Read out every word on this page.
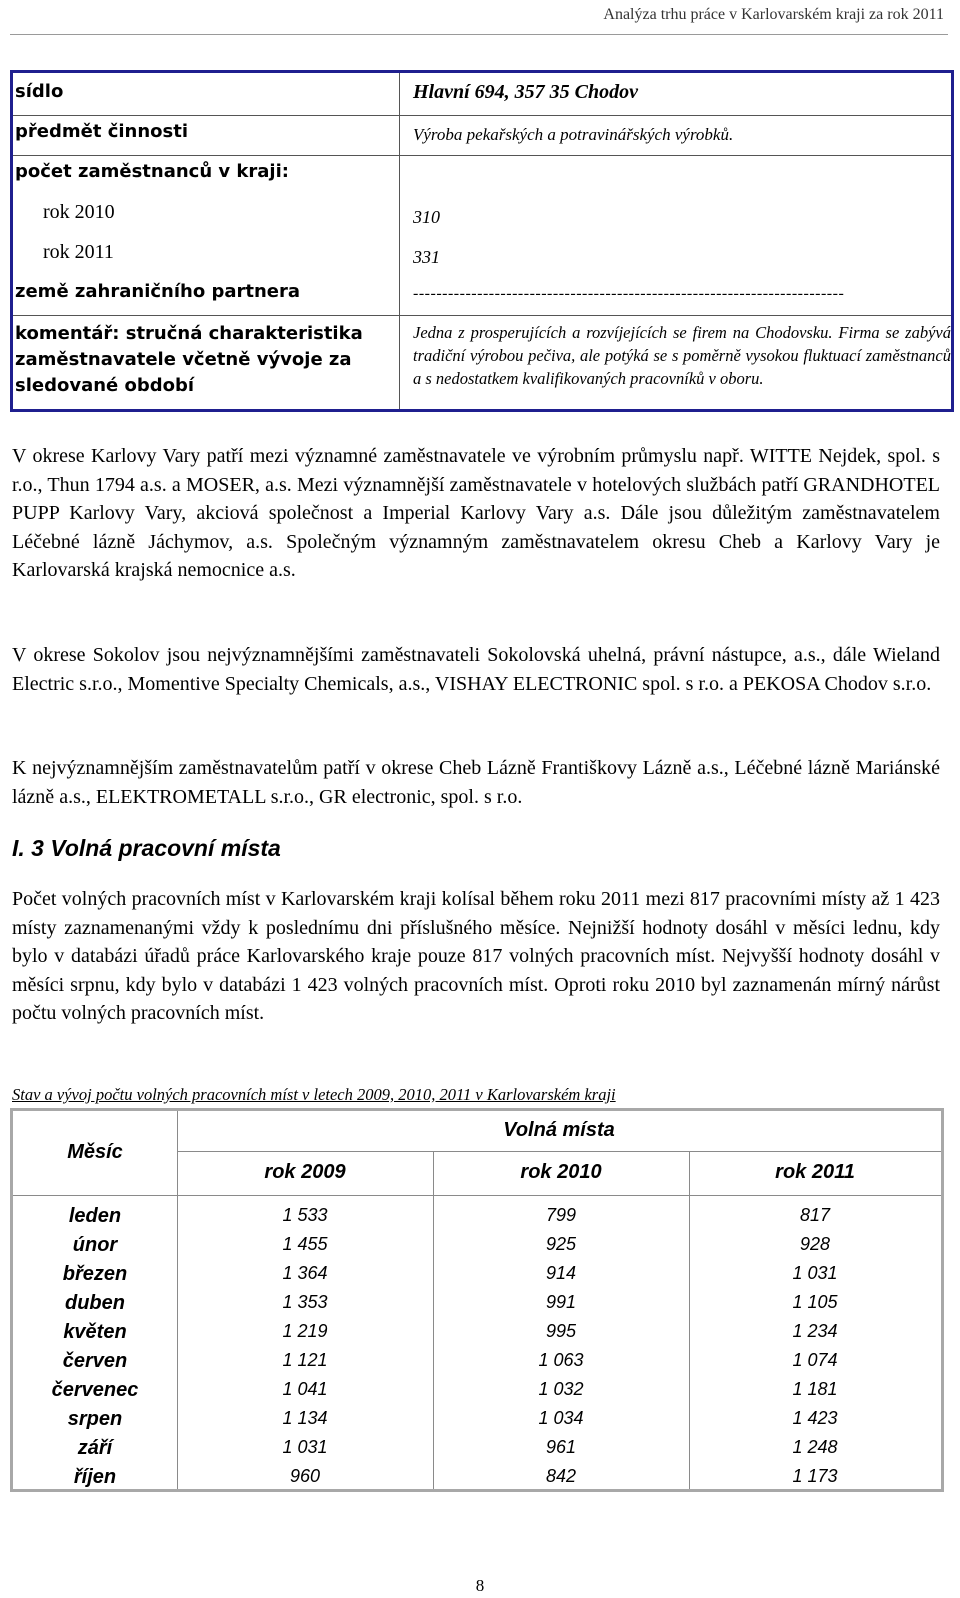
Analýza trhu práce v Karlovarském kraji za rok 2011
sídlo	Hlavní 694, 357 35 Chodov
předmět činnosti	Výroba pekařských a potravinářských výrobků.
počet zaměstnanců v kraji:
rok 2010	310
rok 2011	331
země zahraničního partnera	--------------------------------------------------------------------------
komentář: stručná charakteristika zaměstnavatele včetně vývoje za sledované období
Jedna z prosperujících a rozvíjejících se firem na Chodovsku. Firma se zabývá tradiční výrobou pečiva, ale potýká se s poměrně vysokou fluktuací zaměstnanců a s nedostatkem kvalifikovaných pracovníků v oboru.

V okrese Karlovy Vary patří mezi významné zaměstnavatele ve výrobním průmyslu např. WITTE Nejdek, spol. s r.o., Thun 1794 a.s. a MOSER, a.s. Mezi významnější zaměstnavatele v hotelových službách patří GRANDHOTEL PUPP Karlovy Vary, akciová společnost a Imperial Karlovy Vary a.s. Dále jsou důležitým zaměstnavatelem Léčebné lázně Jáchymov, a.s. Společným významným zaměstnavatelem okresu Cheb a Karlovy Vary je Karlovarská krajská nemocnice a.s.

V okrese Sokolov jsou nejvýznamnějšími zaměstnavateli Sokolovská uhelná, právní nástupce, a.s., dále Wieland Electric s.r.o., Momentive Specialty Chemicals, a.s., VISHAY ELECTRONIC spol. s r.o. a PEKOSA Chodov s.r.o.

K nejvýznamnějším zaměstnavatelům patří v okrese Cheb Lázně Františkovy Lázně a.s., Léčebné lázně Mariánské lázně a.s., ELEKTROMETALL s.r.o., GR electronic, spol. s r.o.

I. 3 Volná pracovní místa

Počet volných pracovních míst v Karlovarském kraji kolísal během roku 2011 mezi 817 pracovními místy až 1 423 místy zaznamenanými vždy k poslednímu dni příslušného měsíce. Nejnižší hodnoty dosáhl v měsíci lednu, kdy bylo v databázi úřadů práce Karlovarského kraje pouze 817 volných pracovních míst. Nejvyšší hodnoty dosáhl v měsíci srpnu, kdy bylo v databázi 1 423 volných pracovních míst. Oproti roku 2010 byl zaznamenán mírný nárůst počtu volných pracovních míst.

Stav a vývoj počtu volných pracovních míst v letech 2009, 2010, 2011 v Karlovarském kraji
Měsíc
Volná místa
rok 2009	rok 2010	rok 2011
leden	1 533	799	817
únor	1 455	925	928
březen	1 364	914	1 031
duben	1 353	991	1 105
květen	1 219	995	1 234
červen	1 121	1 063	1 074
červenec	1 041	1 032	1 181
srpen	1 134	1 034	1 423
září	1 031	961	1 248
říjen	960	842	1 173
8
